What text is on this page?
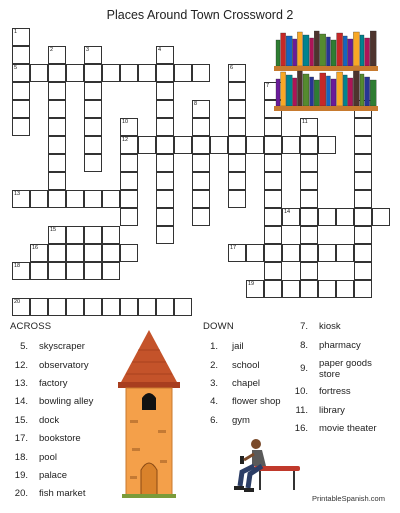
Places Around Town Crossword 2
1
2	3	4
5	6
7
8
10	11
12
13
14
15
16	17
18
19
20
ACROSS	DOWN
5. skyscraper
12. observatory
13. factory
14. bowling alley
15. dock
17. bookstore
18. pool
19. palace
20. fish market
1. jail
2. school
3. chapel
4. flower shop
6. gym
7. kiosk
8. pharmacy
9. paper goods store
10. fortress
11. library
16. movie theater
PrintableSpanish.com
